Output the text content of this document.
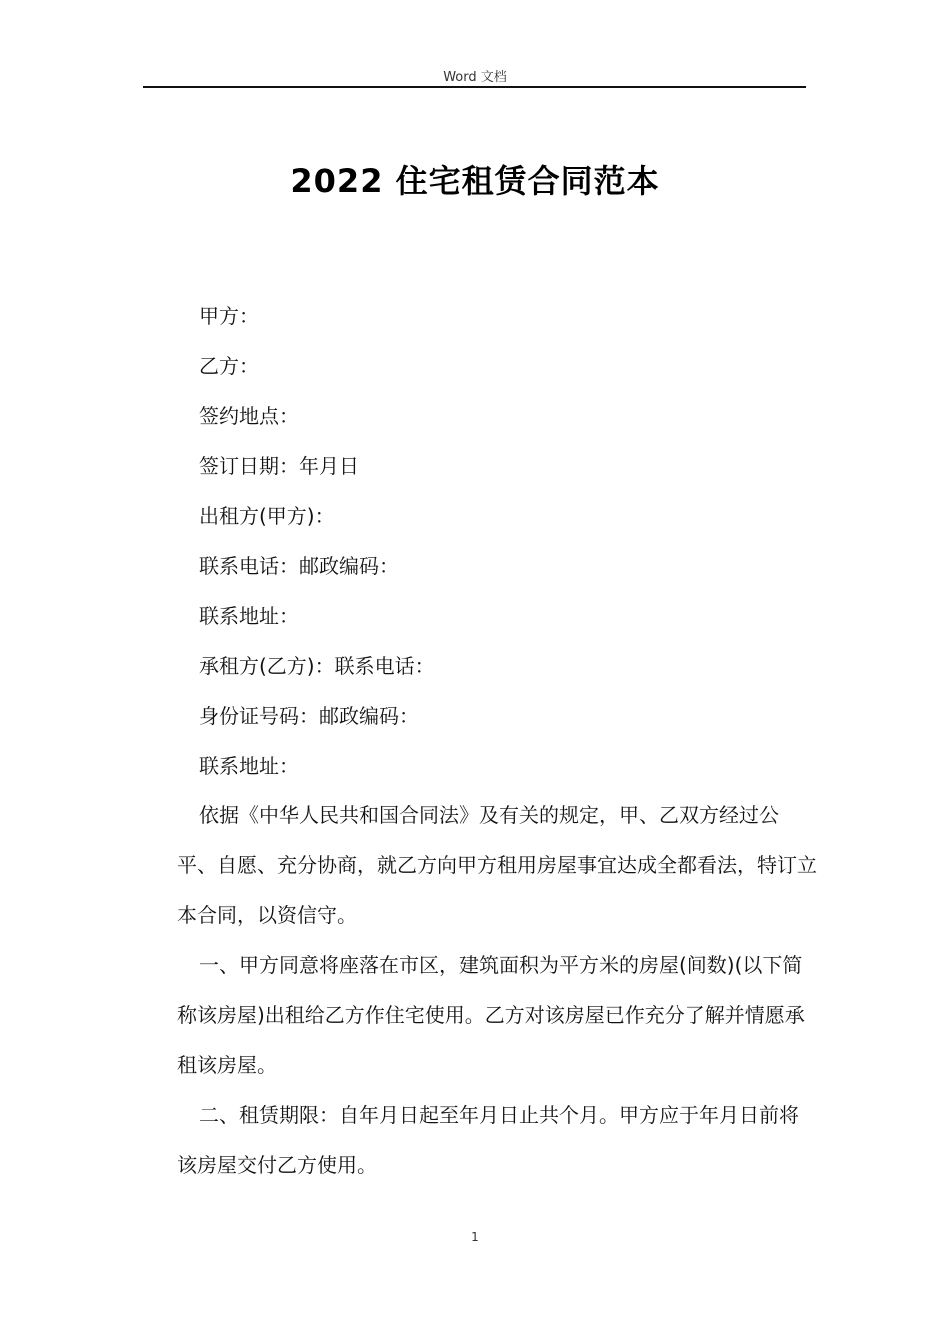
Word 文档
2022 住宅租赁合同范本
甲方：
乙方：
签约地点：
签订日期：年月日
出租方(甲方)：
联系电话：邮政编码：
联系地址：
承租方(乙方)：联系电话：
身份证号码：邮政编码：
联系地址：

依据《中华人民共和国合同法》及有关的规定，甲、乙双方经过公平、自愿、充分协商，就乙方向甲方租用房屋事宜达成全都看法，特订立本合同，以资信守。

一、甲方同意将座落在市区，建筑面积为平方米的房屋(间数)(以下简称该房屋)出租给乙方作住宅使用。乙方对该房屋已作充分了解并情愿承租该房屋。

二、租赁期限：自年月日起至年月日止共个月。甲方应于年月日前将该房屋交付乙方使用。

1
